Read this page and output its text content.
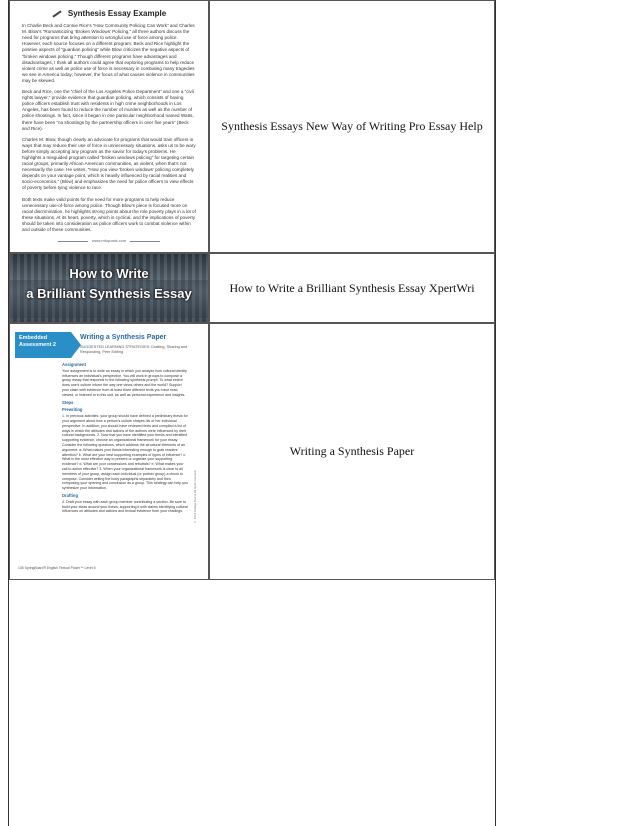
Synthesis Essay Example

In Charlie Beck and Connie Rice’s “How Community Policing Can Work” and Charles M. Blow’s “Romanticizing ‘Broken Windows’ Policing,” all three authors discuss the need for programs that bring attention to wrongful use of force among police. However, each source focuses on a different program: Beck and Rice highlight the positive aspects of “guardian policing” while Blow criticizes the negative aspects of “broken windows policing.” Though different programs have advantages and disadvantages, I think all authors could agree that exploring programs to help reduce violent crime as well as police use of force is necessary in combating many tragedies we see in America today; however, the focus of what causes violence in communities may be skewed.

Beck and Rice, one the “chief of the Los Angeles Police Department” and one a “civil rights lawyer,” provide evidence that guardian policing, which consists of having police officers establish trust with residents in high crime neighborhoods in Los Angeles, has been found to reduce the number of murders as well as the number of police shootings. In fact, since it began in one particular neighborhood named Watts, there have been “no shootings by the partnership officers in over five years” (Beck and Rice).

Charles M. Blow, though clearly an advocate for programs that would train officers in ways that may reduce their use of force in unnecessary situations, asks us to be wary before simply accepting any program as the savior for today’s problems. He highlights a misguided program called “broken windows policing” for targeting certain racial groups, primarily African American communities, as violent, when that’s not necessarily the case. He writes, “How you view ‘broken windows’ policing completely depends on your vantage point, which is heavily influenced by racial realities and socio-economics,” (Blow) and emphasizes the need for police officers to view effects of poverty before tying violence to race.

Both texts make valid points for the need for more programs to help reduce unnecessary use-of-force among police. Though Blow’s piece is focused more on racial discrimination, he highlights strong points about the role poverty plays in a lot of these situations. At its heart, poverty, which is cyclical, and the implications of poverty should be taken into consideration as police officers work to combat violence within and outside of these communities.

www.mfoposts.com
Synthesis Essays New Way of Writing Pro Essay Help
How to Write
a Brilliant Synthesis Essay	How to Write a Brilliant Synthesis Essay XpertWri
Embedded Assessment 2
Writing a Synthesis Paper
SUGGESTED LEARNING STRATEGIES: Drafting, Sharing and Responding, Peer Editing
Assignment

Your assignment is to write an essay in which you analyze how cultural identity influences an individual’s perspective. You will work in groups to compose a group essay that responds to the following synthesis prompt: To what extent does one’s culture inform the way one views others and the world? Support your claim with evidence from at least three different texts you have read, viewed, or listened to in this unit, as well as personal experience and insights.

Steps
Prewriting

1. In previous activities, your group should have defined a preliminary thesis for your argument about how a person’s culture shapes his or her individual perspective. In addition, you should have reviewed texts and compiled a list of ways in which the attitudes and actions of the authors were influenced by their cultural backgrounds. 2. Now that you have identified your thesis and identified supporting evidence, choose an organizational framework for your essay. Consider the following questions, which address the structural elements of an argument: a. What makes your thesis interesting enough to grab readers’ attention? b. What are your best supporting examples of types of influence? c. What is the most effective way to present or organize your supporting evidence? d. What are your concessions and rebuttals? e. What makes your call to action effective? 3. When your organizational framework is clear to all members of your group, assign each individual (or partner group) a chunk to compose. Consider writing the body paragraphs separately and then composing your opening and conclusion as a group. This strategy can help you synthesize your information.

Drafting

4. Draft your essay with each group member contributing a section. Be sure to build your ideas around your thesis, supporting it with claims identifying cultural influences on attitudes and actions and textual evidence from your readings.	© 2014 College Board. All rights reserved.
136 SpringBoard® English Textual Power™ Level 6
Writing a Synthesis Paper
